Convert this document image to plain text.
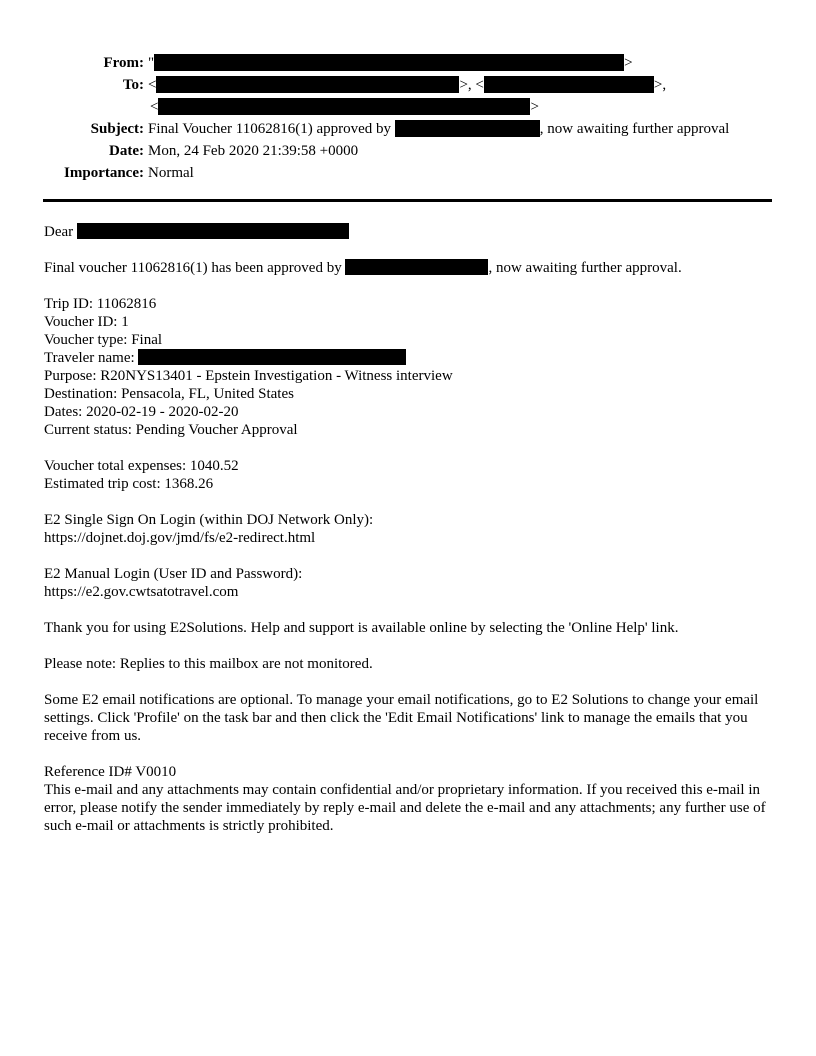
From: "	>
To: <	>, <	>,
<	>
Subject: Final Voucher 11062816(1) approved by	, now awaiting further approval
Date: Mon, 24 Feb 2020 21:39:58 +0000
Importance: Normal
Dear
Final voucher 11062816(1) has been approved by	, now awaiting further approval.
Trip ID: 11062816
Voucher ID: 1
Voucher type: Final
Traveler name:
Purpose: R20NYS13401 - Epstein Investigation - Witness interview
Destination: Pensacola, FL, United States
Dates: 2020-02-19 - 2020-02-20
Current status: Pending Voucher Approval
Voucher total expenses: 1040.52
Estimated trip cost: 1368.26
E2 Single Sign On Login (within DOJ Network Only):
https://dojnet.doj.gov/jmd/fs/e2-redirect.html
E2 Manual Login (User ID and Password):
https://e2.gov.cwtsatotravel.com
Thank you for using E2Solutions. Help and support is available online by selecting the 'Online Help' link.
Please note: Replies to this mailbox are not monitored.
Some E2 email notifications are optional. To manage your email notifications, go to E2 Solutions to change your email settings. Click 'Profile' on the task bar and then click the 'Edit Email Notifications' link to manage the emails that you receive from us.
Reference ID# V0010
This e-mail and any attachments may contain confidential and/or proprietary information. If you received this e-mail in error, please notify the sender immediately by reply e-mail and delete the e-mail and any attachments; any further use of such e-mail or attachments is strictly prohibited.
